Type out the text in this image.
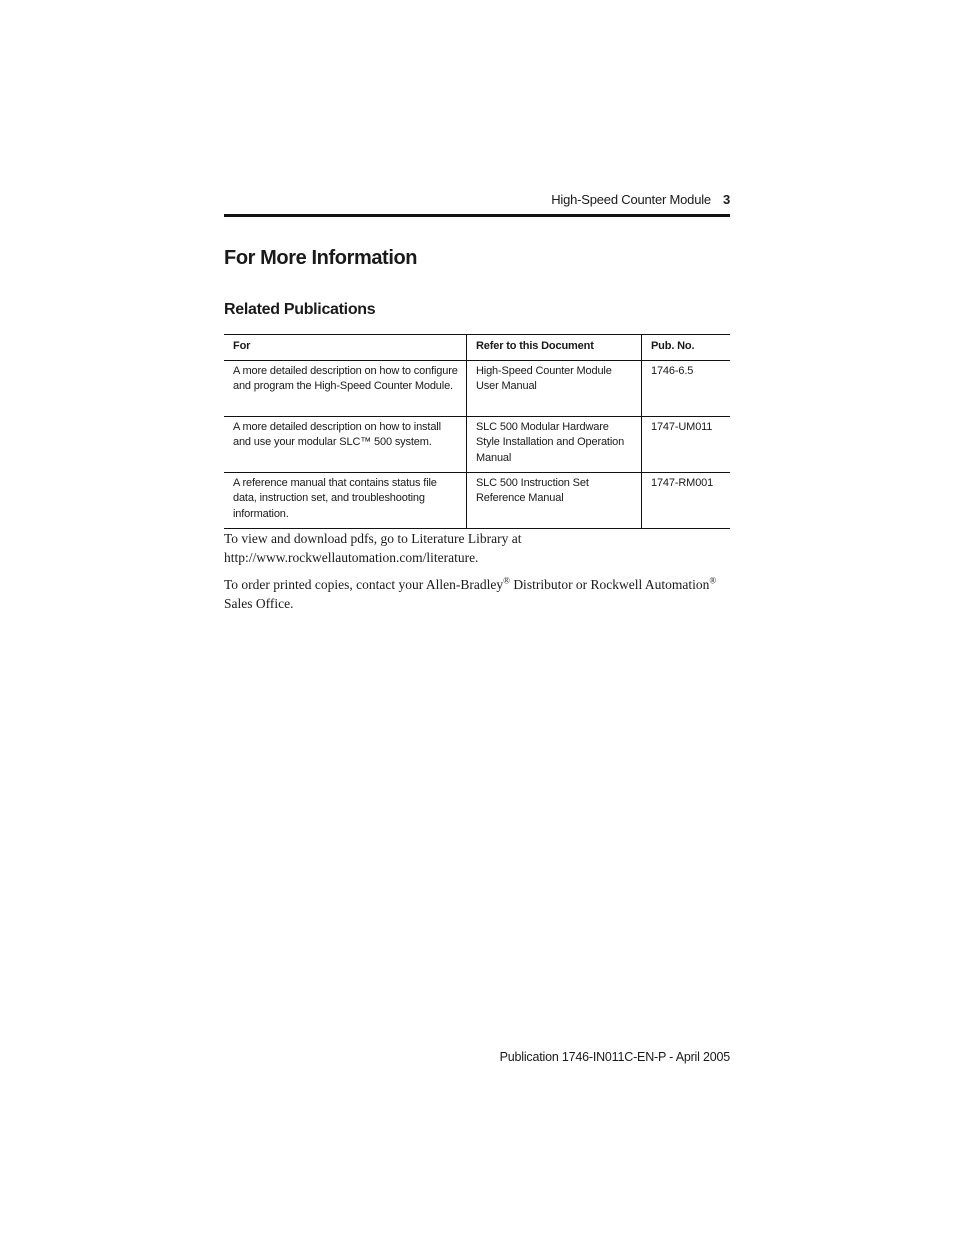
High-Speed Counter Module 3
For More Information
Related Publications
For	Refer to this Document	Pub. No.
A more detailed description on how to configure and program the High-Speed Counter Module.	High-Speed Counter Module User Manual	1746-6.5
A more detailed description on how to install and use your modular SLC™ 500 system.	SLC 500 Modular Hardware Style Installation and Operation Manual	1747-UM011
A reference manual that contains status file data, instruction set, and troubleshooting information.	SLC 500 Instruction Set Reference Manual	1747-RM001

To view and download pdfs, go to Literature Library at http://www.rockwellautomation.com/literature.

To order printed copies, contact your Allen-Bradley® Distributor or Rockwell Automation® Sales Office.

Publication 1746-IN011C-EN-P - April 2005
